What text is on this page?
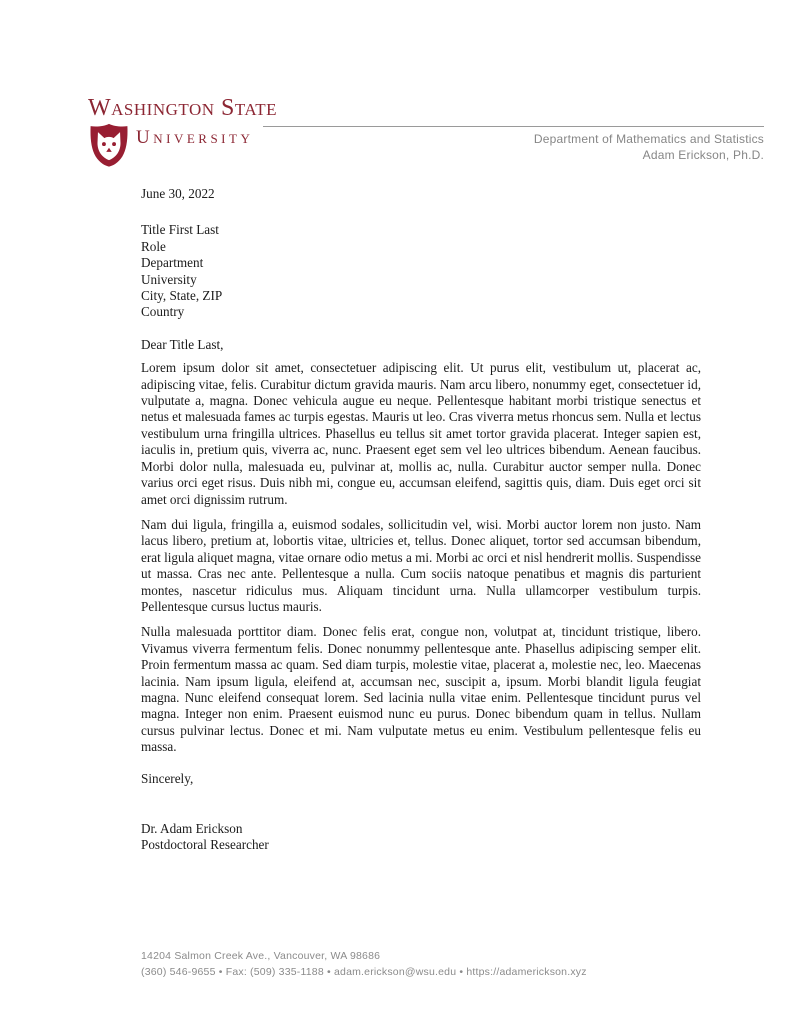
Washington State
University	Department of Mathematics and Statistics
Adam Erickson, Ph.D.
June 30, 2022
Title First Last
Role
Department
University
City, State, ZIP
Country
Dear Title Last,

Lorem ipsum dolor sit amet, consectetuer adipiscing elit. Ut purus elit, vestibulum ut, placerat ac, adipiscing vitae, felis. Curabitur dictum gravida mauris. Nam arcu libero, nonummy eget, consectetuer id, vulputate a, magna. Donec vehicula augue eu neque. Pellentesque habitant morbi tristique senectus et netus et malesuada fames ac turpis egestas. Mauris ut leo. Cras viverra metus rhoncus sem. Nulla et lectus vestibulum urna fringilla ultrices. Phasellus eu tellus sit amet tortor gravida placerat. Integer sapien est, iaculis in, pretium quis, viverra ac, nunc. Praesent eget sem vel leo ultrices bibendum. Aenean faucibus. Morbi dolor nulla, malesuada eu, pulvinar at, mollis ac, nulla. Curabitur auctor semper nulla. Donec varius orci eget risus. Duis nibh mi, congue eu, accumsan eleifend, sagittis quis, diam. Duis eget orci sit amet orci dignissim rutrum.

Nam dui ligula, fringilla a, euismod sodales, sollicitudin vel, wisi. Morbi auctor lorem non justo. Nam lacus libero, pretium at, lobortis vitae, ultricies et, tellus. Donec aliquet, tortor sed accumsan bibendum, erat ligula aliquet magna, vitae ornare odio metus a mi. Morbi ac orci et nisl hendrerit mollis. Suspendisse ut massa. Cras nec ante. Pellentesque a nulla. Cum sociis natoque penatibus et magnis dis parturient montes, nascetur ridiculus mus. Aliquam tincidunt urna. Nulla ullamcorper vestibulum turpis. Pellentesque cursus luctus mauris.

Nulla malesuada porttitor diam. Donec felis erat, congue non, volutpat at, tincidunt tristique, libero. Vivamus viverra fermentum felis. Donec nonummy pellentesque ante. Phasellus adipiscing semper elit. Proin fermentum massa ac quam. Sed diam turpis, molestie vitae, placerat a, molestie nec, leo. Maecenas lacinia. Nam ipsum ligula, eleifend at, accumsan nec, suscipit a, ipsum. Morbi blandit ligula feugiat magna. Nunc eleifend consequat lorem. Sed lacinia nulla vitae enim. Pellentesque tincidunt purus vel magna. Integer non enim. Praesent euismod nunc eu purus. Donec bibendum quam in tellus. Nullam cursus pulvinar lectus. Donec et mi. Nam vulputate metus eu enim. Vestibulum pellentesque felis eu massa.

Sincerely,
Dr. Adam Erickson
Postdoctoral Researcher
14204 Salmon Creek Ave., Vancouver, WA 98686
(360) 546-9655 • Fax: (509) 335-1188 • adam.erickson@wsu.edu • https://adamerickson.xyz
